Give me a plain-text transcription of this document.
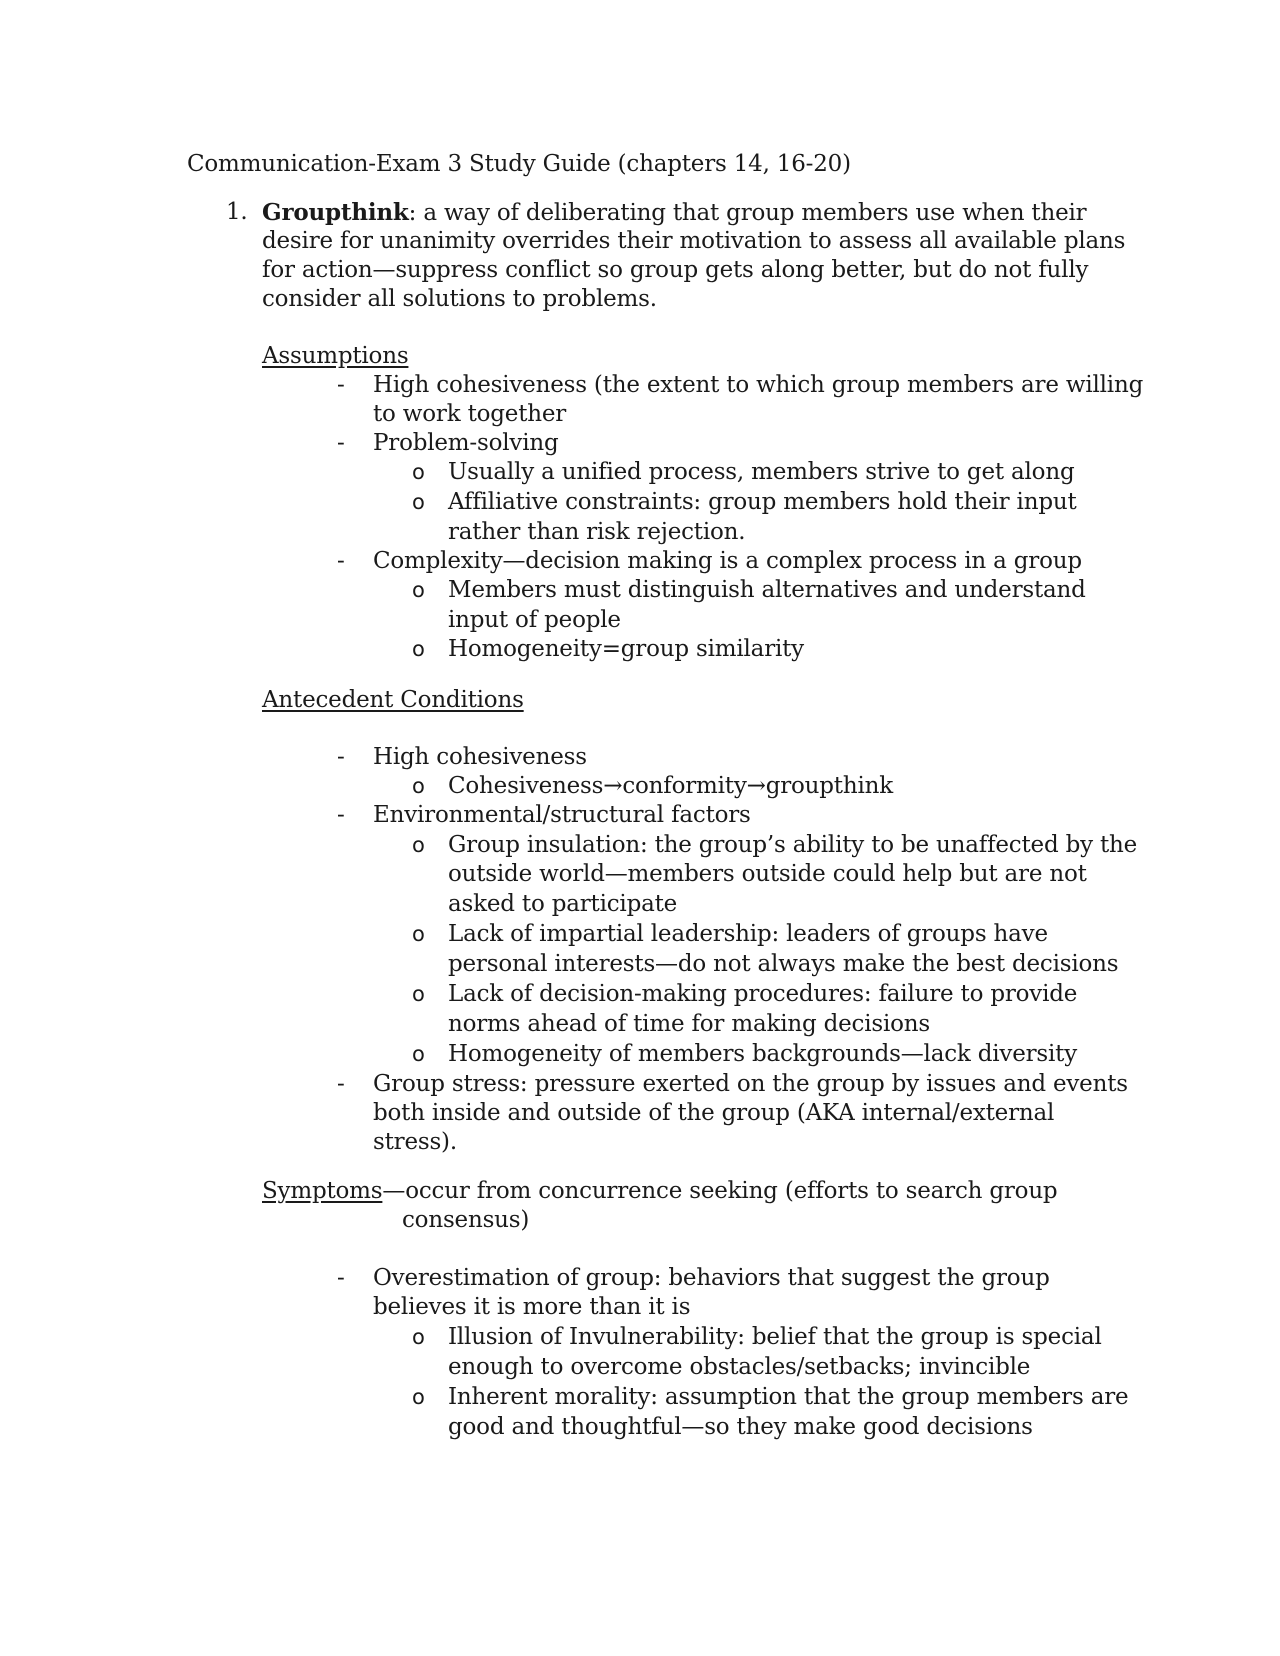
Communication-Exam 3 Study Guide (chapters 14, 16-20)
1. Groupthink: a way of deliberating that group members use when their
desire for unanimity overrides their motivation to assess all available plans
for action—suppress conflict so group gets along better, but do not fully
consider all solutions to problems.
Assumptions
- High cohesiveness (the extent to which group members are willing
to work together
- Problem-solving
o Usually a unified process, members strive to get along
o Affiliative constraints: group members hold their input
rather than risk rejection.
- Complexity—decision making is a complex process in a group
o Members must distinguish alternatives and understand
input of people
o Homogeneity=group similarity
Antecedent Conditions
- High cohesiveness
o Cohesiveness→conformity→groupthink
- Environmental/structural factors
o Group insulation: the group’s ability to be unaffected by the
outside world—members outside could help but are not
asked to participate
o Lack of impartial leadership: leaders of groups have
personal interests—do not always make the best decisions
o Lack of decision-making procedures: failure to provide
norms ahead of time for making decisions
o Homogeneity of members backgrounds—lack diversity
- Group stress: pressure exerted on the group by issues and events
both inside and outside of the group (AKA internal/external
stress).
Symptoms—occur from concurrence seeking (efforts to search group
consensus)
- Overestimation of group: behaviors that suggest the group
believes it is more than it is
o Illusion of Invulnerability: belief that the group is special
enough to overcome obstacles/setbacks; invincible
o Inherent morality: assumption that the group members are
good and thoughtful—so they make good decisions
